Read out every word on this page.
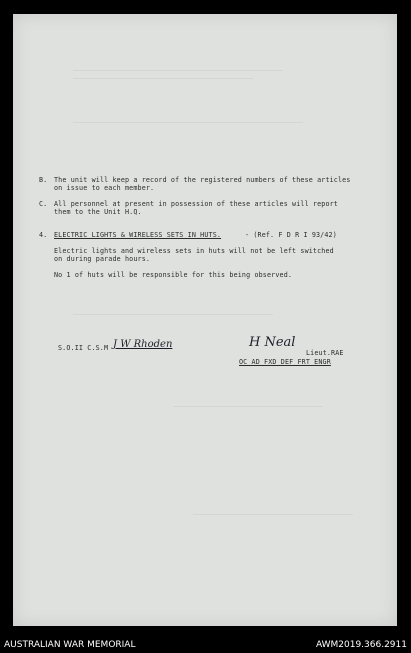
B. The unit will keep a record of the registered numbers of these articles
on issue to each member.
C. All personnel at present in possession of these articles will report
them to the Unit H.Q.
4. ELECTRIC LIGHTS & WIRELESS SETS IN HUTS.	- (Ref. F D R I 93/42)
Electric lights and wireless sets in huts will not be left switched
on during parade hours.
No 1 of huts will be responsible for this being observed.
S.O.II C.S.M J W Rhoden	H Neal
Lieut.RAE
OC AD FXD DEF FRT ENGR
AUSTRALIAN WAR MEMORIAL	AWM2019.366.2911
